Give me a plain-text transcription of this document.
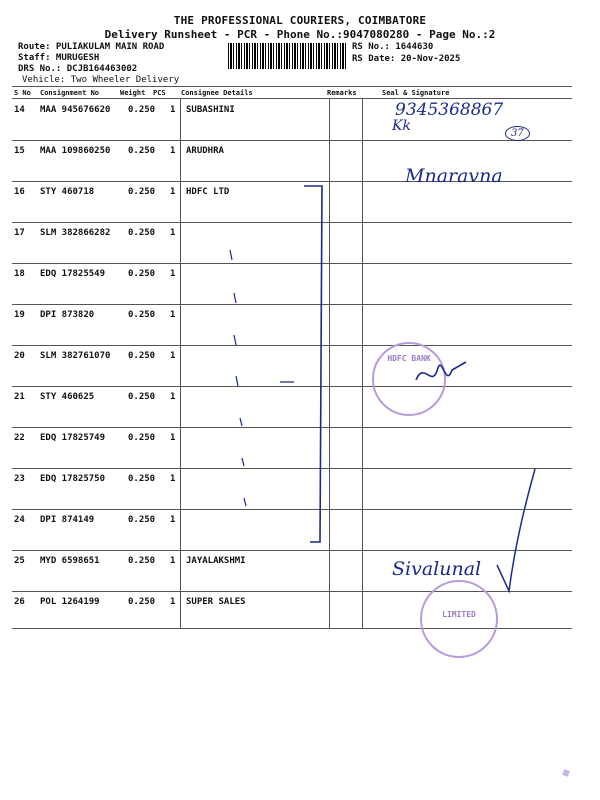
THE PROFESSIONAL COURIERS, COIMBATORE
Delivery Runsheet - PCR - Phone No.:9047080280 - Page No.:2
Route: PULIAKULAM MAIN ROAD
Staff: MURUGESH
DRS No.: DCJB164463002
Vehicle: Two Wheeler Delivery
RS No.: 1644630
RS Date: 20-Nov-2025
S No Consignment No	Weight PCS Consignee Details	Remarks	Seal & Signature
14 MAA 945676620 0.250 1 SUBASHINI
15 MAA 109860250 0.250 1 ARUDHRA
16 STY 460718	0.250 1 HDFC LTD
17 SLM 382866282 0.250 1
18 EDQ 17825549	0.250 1
19 DPI 873820	0.250 1
20 SLM 382761070 0.250 1
21 STY 460625	0.250 1
22 EDQ 17825749	0.250 1
23 EDQ 17825750	0.250 1
24 DPI 874149	0.250 1
25 MYD 6598651	0.250 1 JAYALAKSHMI
26 POL 1264199	0.250 1 SUPER SALES
9345368867
Kk	37
Mnaravna
Sivalunal
HDFC BANK
LIMITED
